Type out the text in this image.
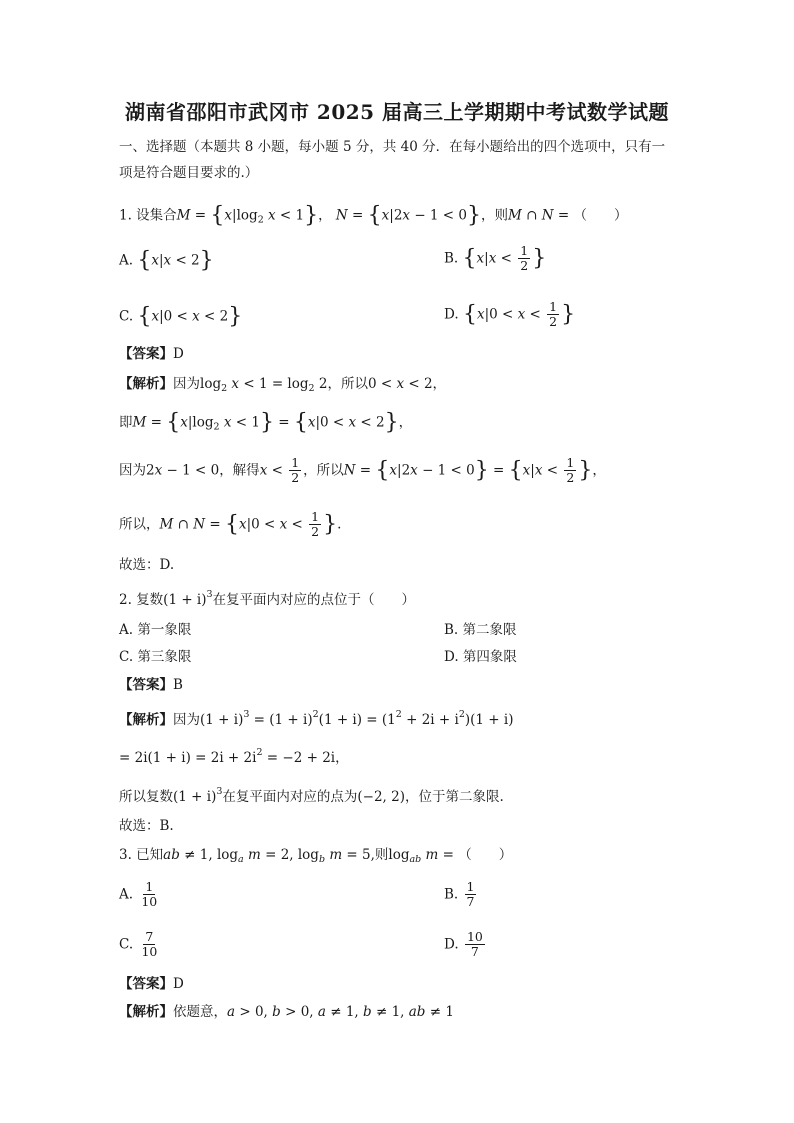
湖南省邵阳市武冈市 2025 届高三上学期期中考试数学试题
一、选择题（本题共 8 小题，每小题 5 分，共 40 分．在每小题给出的四个选项中，只有一
项是符合题目要求的.）
1. 设集合$M = \{x|\log_2$ x < 1}， N = {x|2x − 1 < 0}，则M ∩ N = （　　）
A. {x|x < 2}	B. {$x|x < \frac{1}{2}$ }
C. {x|0 < x < 2}	D. {$x|0 < x < \frac{1}{2}$ }
【答案】D
【解析】因为$\log_2 x < 1 = \log_2 2$，所以0 < x < 2，
即$M = \{x|\log_2$ x < 1} = {x|0 < x < 2}，
因为2x − 1 < 0，解得$x < \frac{1}{2}$ ，所以$N = \{x|2x - 1 < 0\} = \{x|x < \frac{1}{2}$ }，
所以，M ∩ $N = \{x|0 < x < \frac{1}{2}$ }.
故选：D.
2. 复数$(1 + i)^3$在复平面内对应的点位于（　　）
A. 第一象限	B. 第二象限
C. 第三象限	D. 第四象限
【答案】B
【解析】因为$(1 + i)^3 = (1 + i)^2(1 + i) = (1^2 + 2i + i^2)(1 + i)$
= $2i(1 + i) = 2i + 2i^2 = -2 + 2i$，
所以复数$(1 + i)^3$在复平面内对应的点为(−2, 2)，位于第二象限.
故选：B.
3. 已知ab ≠ 1, $\log_a m = 2$, $\log_b m = 5$,则$\log_{ab} m$ = （　　）
A. $\frac{1}{10}$	B. $\frac{1}{7}$
C. $\frac{7}{10}$	D. $\frac{10}{7}$
【答案】D
【解析】依题意，a > 0, b > 0, a ≠ 1, b ≠ 1, ab ≠ 1
